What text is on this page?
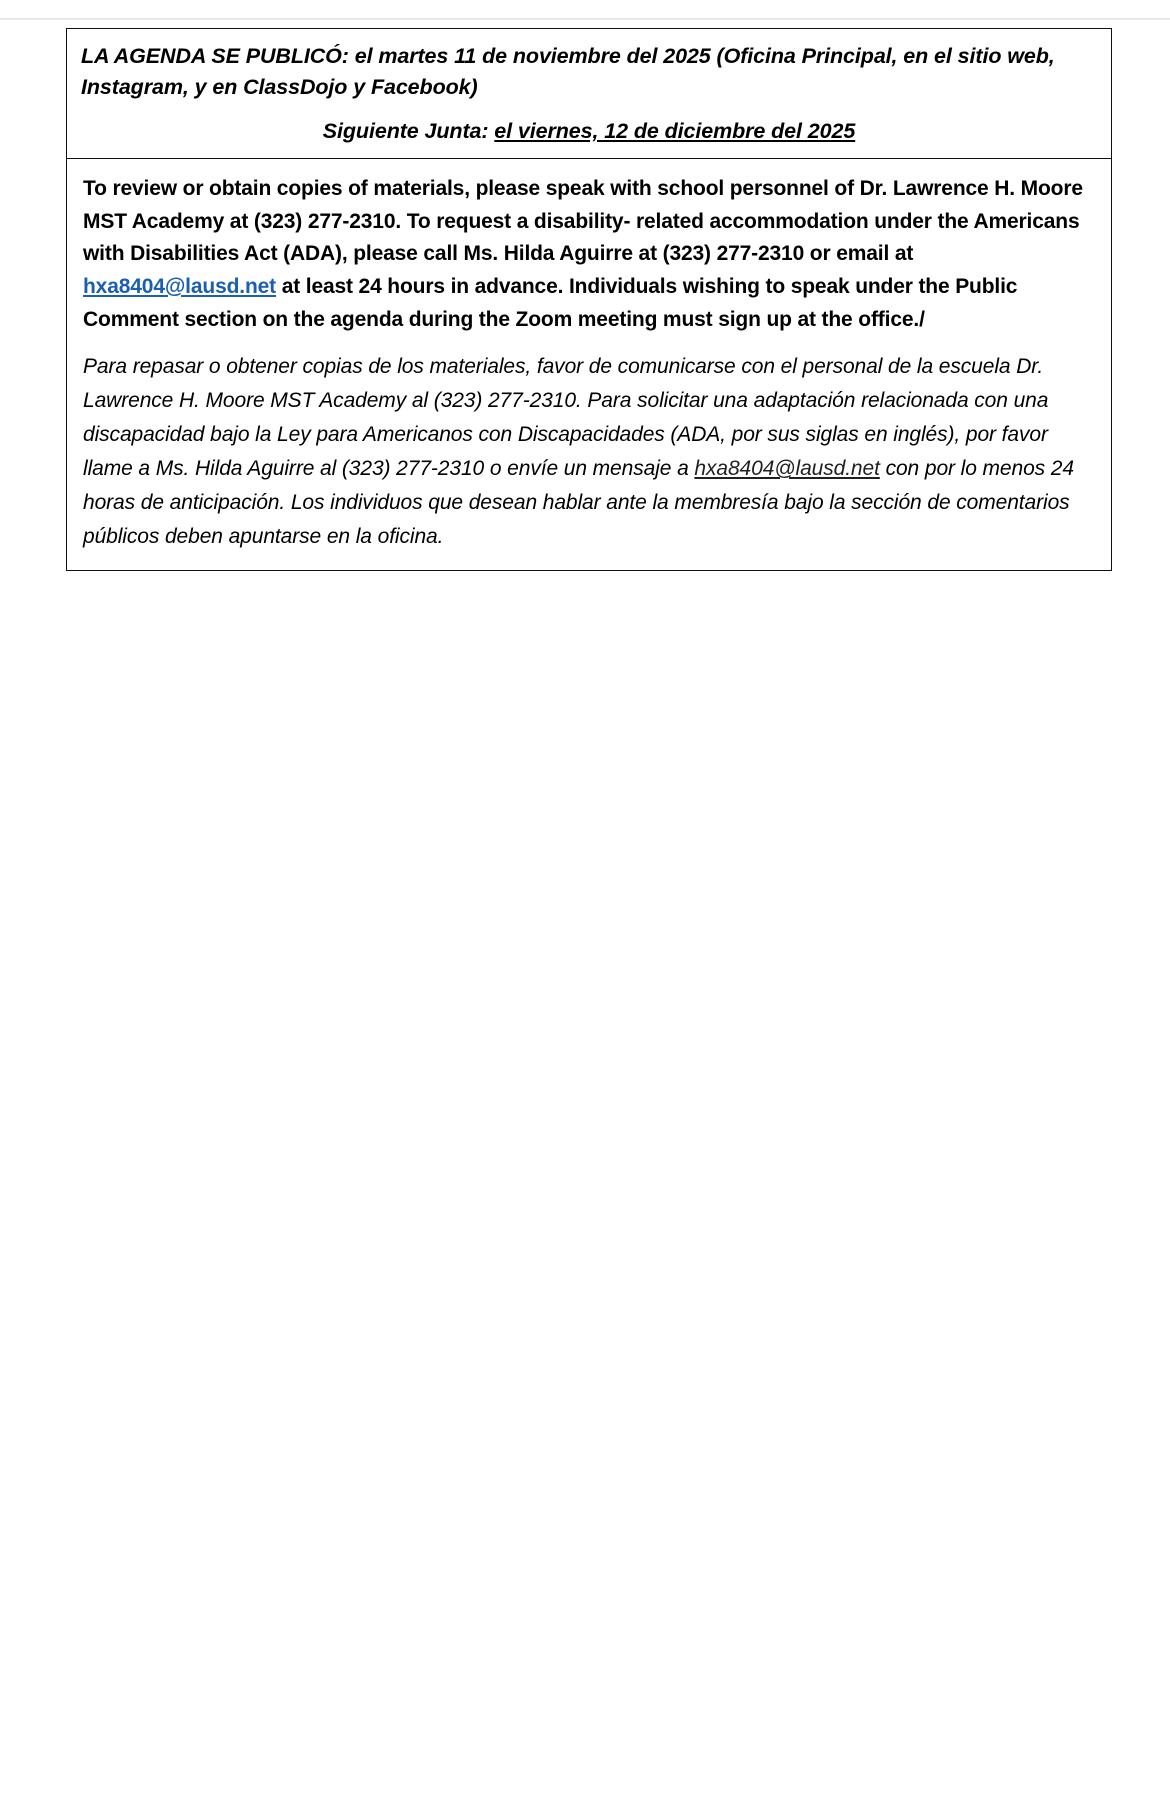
LA AGENDA SE PUBLICÓ: el martes 11 de noviembre del 2025 (Oficina Principal, en el sitio web, Instagram, y en ClassDojo y Facebook)
Siguiente Junta: el viernes, 12 de diciembre del 2025

To review or obtain copies of materials, please speak with school personnel of Dr. Lawrence H. Moore MST Academy at (323) 277-2310. To request a disability- related accommodation under the Americans with Disabilities Act (ADA), please call Ms. Hilda Aguirre at (323) 277-2310 or email at hxa8404@lausd.net at least 24 hours in advance. Individuals wishing to speak under the Public Comment section on the agenda during the Zoom meeting must sign up at the office./

Para repasar o obtener copias de los materiales, favor de comunicarse con el personal de la escuela Dr. Lawrence H. Moore MST Academy al (323) 277-2310. Para solicitar una adaptación relacionada con una discapacidad bajo la Ley para Americanos con Discapacidades (ADA, por sus siglas en inglés), por favor llame a Ms. Hilda Aguirre al (323) 277-2310 o envíe un mensaje a hxa8404@lausd.net con por lo menos 24 horas de anticipación. Los individuos que desean hablar ante la membresía bajo la sección de comentarios públicos deben apuntarse en la oficina.
